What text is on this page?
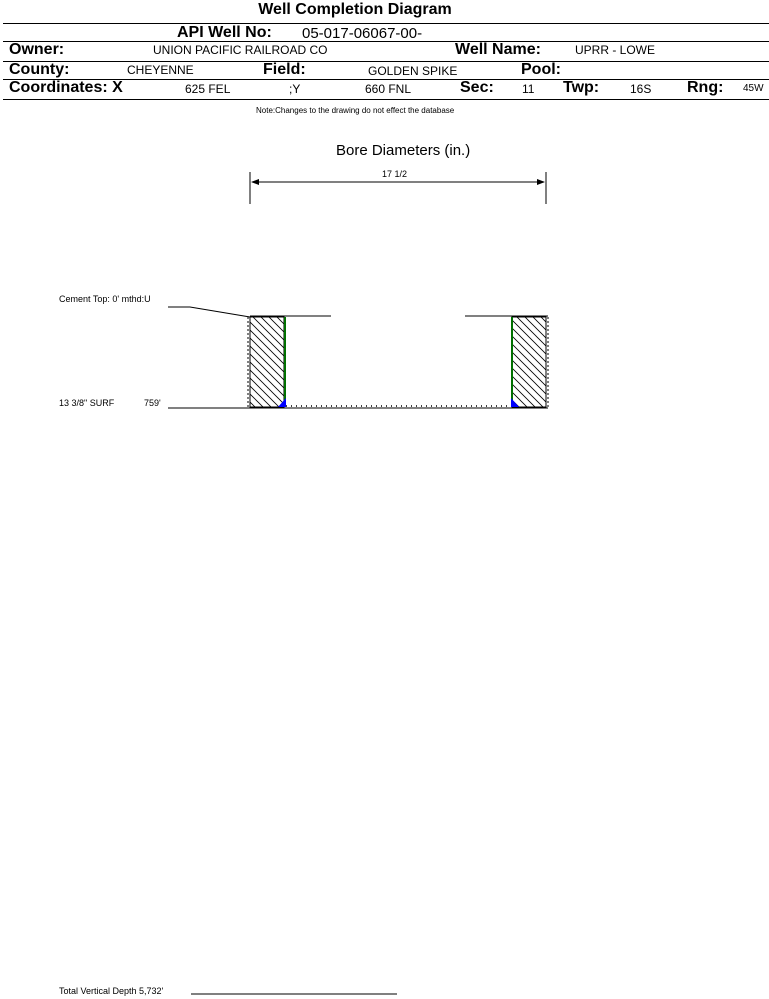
Well Completion Diagram
API Well No: 05-017-06067-00-
Owner:	UNION PACIFIC RAILROAD CO	Well Name:	UPRR - LOWE
County:	CHEYENNE	Field:	GOLDEN SPIKE	Pool:
Coordinates: X	625 FEL	;Y	660 FNL	Sec: 11 Twp:	16S Rng: 45W
Note:Changes to the drawing do not effect the database
Bore Diameters (in.)
17 1/2
Cement Top: 0' mthd:U
13 3/8" SURF	759'
Total Vertical Depth 5,732'
